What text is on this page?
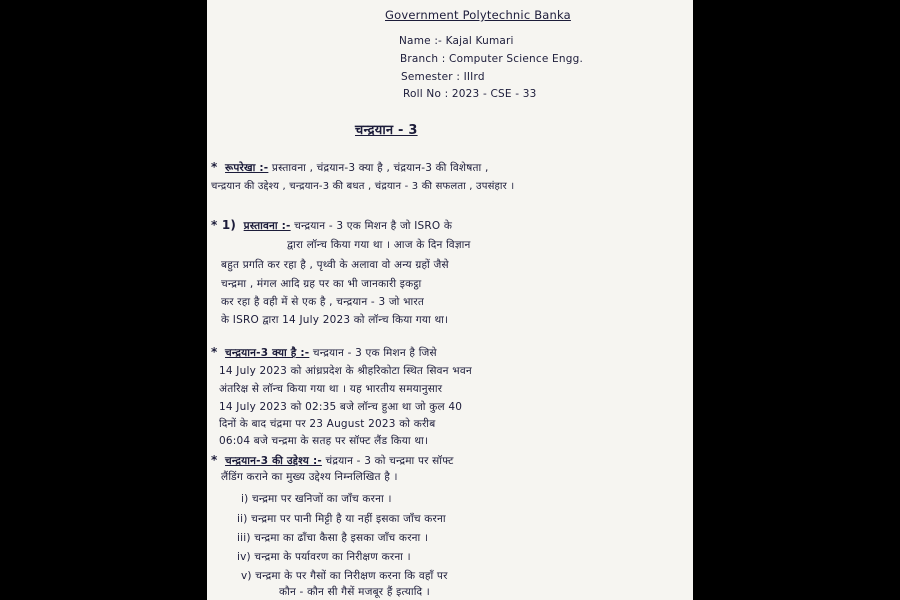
Government Polytechnic Banka
Name :- Kajal Kumari
Branch : Computer Science Engg.
Semester : IIIrd
Roll No : 2023 - CSE - 33
चन्द्रयान - 3
* रूपरेखा :- प्रस्तावना , चंद्रयान-3 क्या है , चंद्रयान-3 की विशेषता ,
चन्द्रयान की उद्देश्य , चन्द्रयान-3 की बधत , चंद्रयान - 3 की सफलता , उपसंहार ।
* 1) प्रस्तावना :- चन्द्रयान - 3 एक मिशन है जो ISRO के
द्वारा लॉन्च किया गया था । आज के दिन विज्ञान
बहुत प्रगति कर रहा है , पृथ्वी के अलावा वो अन्य ग्रहों जैसे
चन्द्रमा , मंगल आदि ग्रह पर का भी जानकारी इकट्ठा
कर रहा है वही में से एक है , चन्द्रयान - 3 जो भारत
के ISRO द्वारा 14 July 2023 को लॉन्च किया गया था।
* चन्द्रयान-3 क्या है :- चन्द्रयान - 3 एक मिशन है जिसे
14 July 2023 को आंध्रप्रदेश के श्रीहरिकोटा स्थित सिवन भवन
अंतरिक्ष से लॉन्च किया गया था । यह भारतीय समयानुसार
14 July 2023 को 02:35 बजे लॉन्च हुआ था जो कुल 40
दिनों के बाद चंद्रमा पर 23 August 2023 को करीब
06:04 बजे चन्द्रमा के सतह पर सॉफ्ट लैंड किया था।
* चन्द्रयान-3 की उद्देश्य :- चंद्रयान - 3 को चन्द्रमा पर सॉफ्ट
लैंडिंग कराने का मुख्य उद्देश्य निम्नलिखित है ।
i) चन्द्रमा पर खनिजों का जाँच करना ।
ii) चन्द्रमा पर पानी मिट्टी है या नहीं इसका जाँच करना
iii) चन्द्रमा का ढाँचा कैसा है इसका जाँच करना ।
iv) चन्द्रमा के पर्यावरण का निरीक्षण करना ।
v) चन्द्रमा के पर गैसों का निरीक्षण करना कि वहाँ पर
कौन - कौन सी गैसें मजबूर हैं इत्यादि ।
